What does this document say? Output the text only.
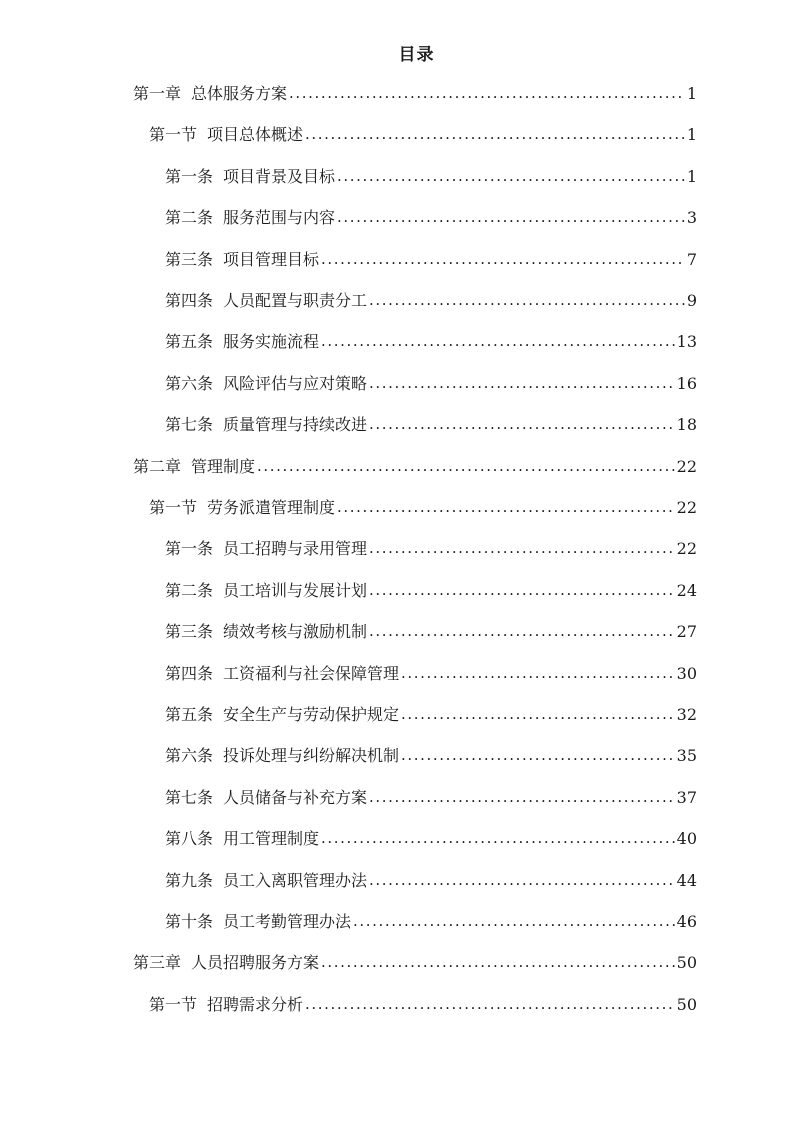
目录
第一章 总体服务方案 .....	1
第一节 项目总体概述 .....	1
第一条 项目背景及目标 .....	1
第二条 服务范围与内容 .....	3
第三条 项目管理目标 .....	7
第四条 人员配置与职责分工 .....	9
第五条 服务实施流程 .....	13
第六条 风险评估与应对策略 .....	16
第七条 质量管理与持续改进 .....	18
第二章 管理制度 .....	22
第一节 劳务派遣管理制度 .....	22
第一条 员工招聘与录用管理 .....	22
第二条 员工培训与发展计划 .....	24
第三条 绩效考核与激励机制 .....	27
第四条 工资福利与社会保障管理 .....	30
第五条 安全生产与劳动保护规定 .....	32
第六条 投诉处理与纠纷解决机制 .....	35
第七条 人员储备与补充方案 .....	37
第八条 用工管理制度 .....	40
第九条 员工入离职管理办法 .....	44
第十条 员工考勤管理办法 .....	46
第三章 人员招聘服务方案 .....	50
第一节 招聘需求分析 .....	50
